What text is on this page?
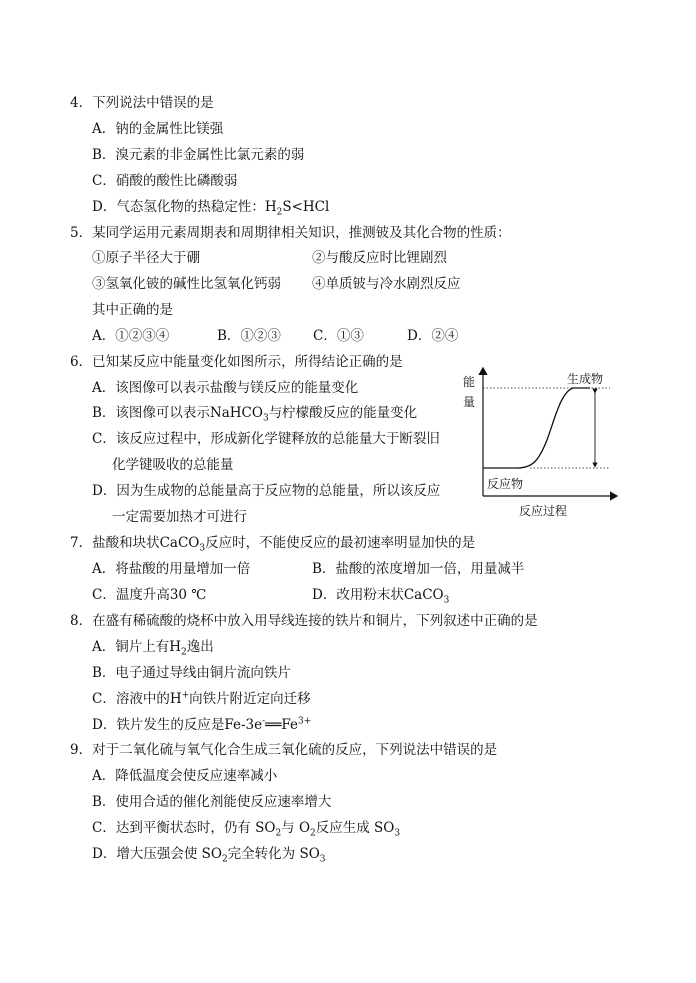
4．下列说法中错误的是
A．钠的金属性比镁强
B．溴元素的非金属性比氯元素的弱
C．硝酸的酸性比磷酸弱
D．气态氢化物的热稳定性：$H_2S<HCl$
5．某同学运用元素周期表和周期律相关知识，推测铍及其化合物的性质：
①原子半径大于硼	②与酸反应时比锂剧烈
③氢氧化铍的碱性比氢氧化钙弱 ④单质铍与冷水剧烈反应
其中正确的是
A．①②③④	B．①②③ C．①③	D．②④
6．已知某反应中能量变化如图所示，所得结论正确的是
A．该图像可以表示盐酸与镁反应的能量变化
B．该图像可以表示NaHCO$_3$与柠檬酸反应的能量变化
C．该反应过程中，形成新化学键释放的总能量大于断裂旧
化学键吸收的总能量
D．因为生成物的总能量高于反应物的总能量，所以该反应
一定需要加热才可进行
能
量
生成物
反应物
反应过程
7．盐酸和块状CaCO$_3$反应时，不能使反应的最初速率明显加快的是
A．将盐酸的用量增加一倍	B．盐酸的浓度增加一倍，用量减半
C．温度升高30 ℃	D．改用粉末状CaCO$_3$
8．在盛有稀硫酸的烧杯中放入用导线连接的铁片和铜片，下列叙述中正确的是
A．铜片上有$H_2$逸出
B．电子通过导线由铜片流向铁片
C．溶液中的H+向铁片附近定向迁移
D．铁片发生的反应是$Fe-3e^-══Fe^{3+}$
9．对于二氧化硫与氧气化合生成三氧化硫的反应，下列说法中错误的是
A．降低温度会使反应速率减小
B．使用合适的催化剂能使反应速率增大
C．达到平衡状态时，仍有 $SO_2$与 $O_2$反应生成 $SO_3$
D．增大压强会使 $SO_2$完全转化为 $SO_3$
